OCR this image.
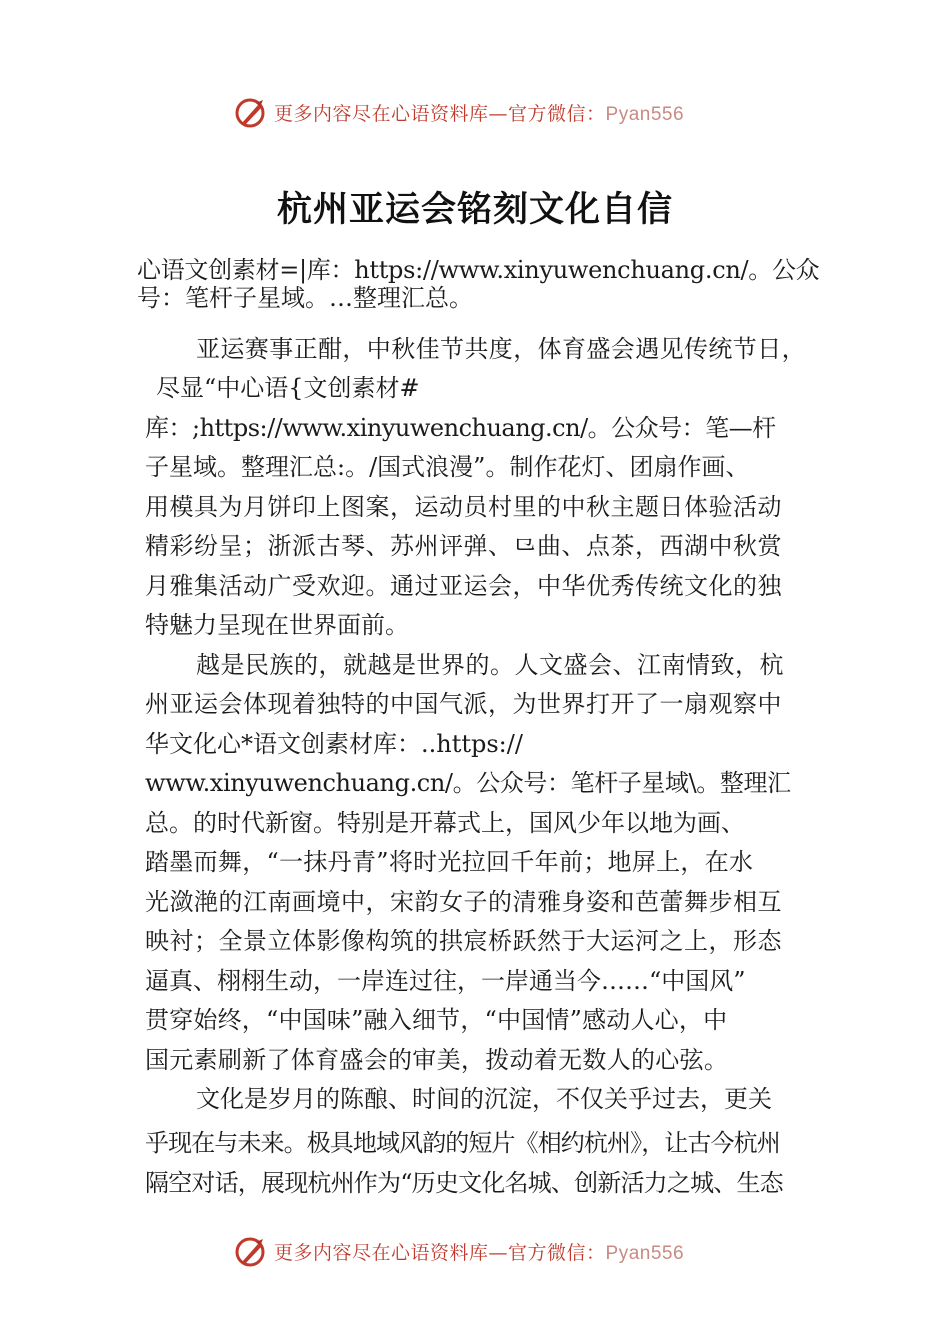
更多内容尽在心语资料库—官方微信：Pyan556
杭州亚运会铭刻文化自信
心语文创素材=|库：https://www.xinyuwenchuang.cn/。公众
号：笔杆子星域。…整理汇总。
亚运赛事正酣，中秋佳节共度，体育盛会遇见传统节日，
尽显“中心语{文创素材#
库：;https://www.xinyuwenchuang.cn/。公众号：笔—杆
子星域。整理汇总:。/国式浪漫”。制作花灯、团扇作画、
用模具为月饼印上图案，运动员村里的中秋主题日体验活动
精彩纷呈；浙派古琴、苏州评弹、⺋曲、点茶，西湖中秋赏
月雅集活动广受欢迎。通过亚运会，中华优秀传统文化的独
特魅力呈现在世界面前。
越是民族的，就越是世界的。人文盛会、江南情致，杭
州亚运会体现着独特的中国气派，为世界打开了一扇观察中
华文化心*语文创素材库：..https://
www.xinyuwenchuang.cn/。公众号：笔杆子星域\。整理汇
总。的时代新窗。特别是开幕式上，国风少年以地为画、
踏墨而舞，“一抹丹青”将时光拉回千年前；地屏上，在水
光潋滟的江南画境中，宋韵女子的清雅身姿和芭蕾舞步相互
映衬；全景立体影像构筑的拱宸桥跃然于大运河之上，形态
逼真、栩栩生动，一岸连过往，一岸通当今……“中国风”
贯穿始终，“中国味”融入细节，“中国情”感动人心，中
国元素刷新了体育盛会的审美，拨动着无数人的心弦。
文化是岁月的陈酿、时间的沉淀，不仅关乎过去，更关
乎现在与未来。极具地域风韵的短片《相约杭州》，让古今杭州
隔空对话，展现杭州作为“历史文化名城、创新活力之城、生态
更多内容尽在心语资料库—官方微信：Pyan556
